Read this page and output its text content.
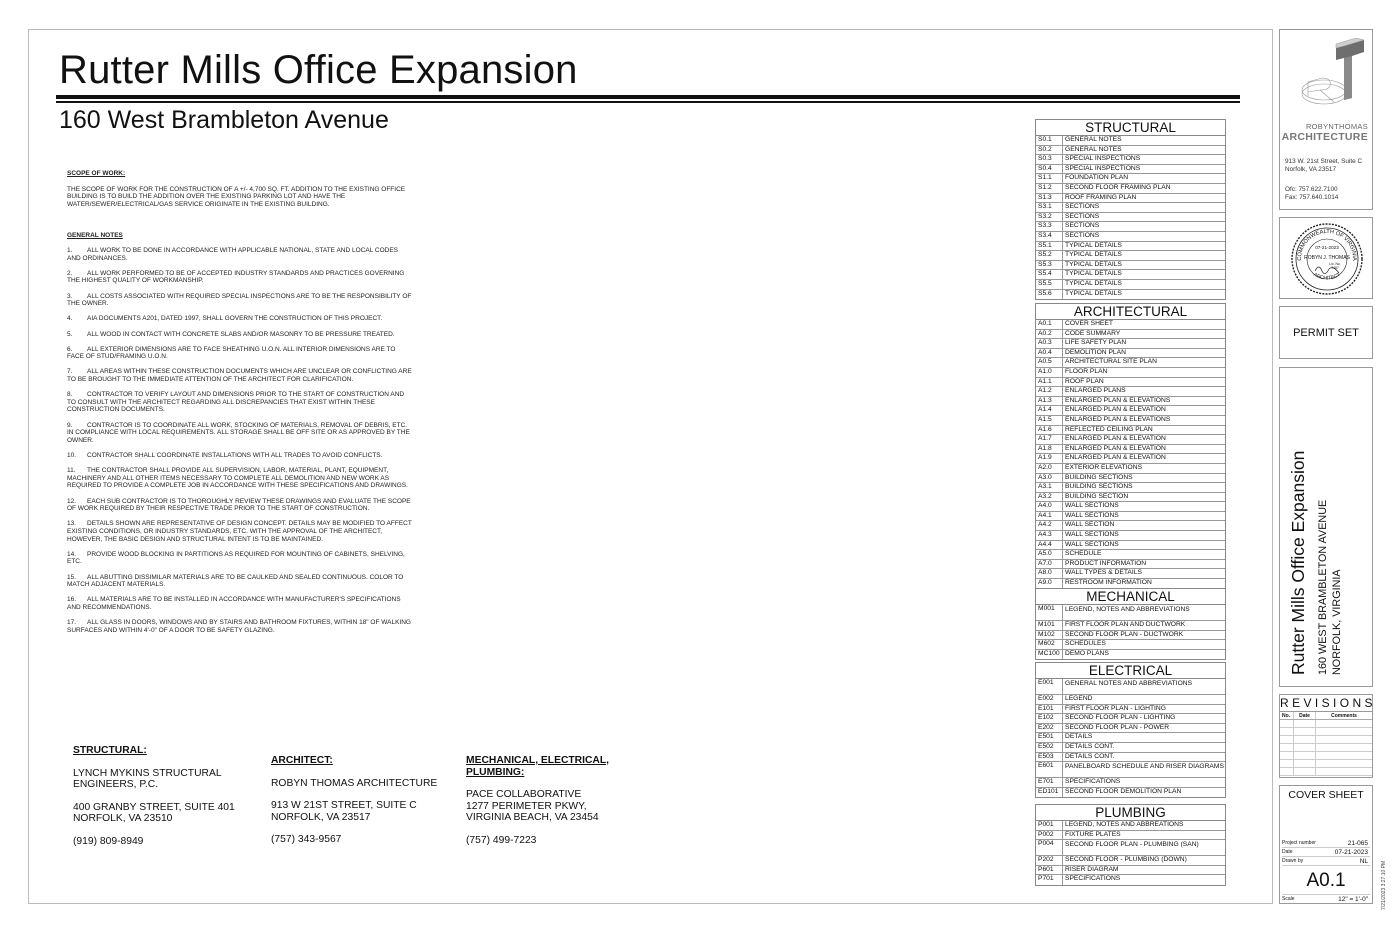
Rutter Mills Office Expansion
160 West Brambleton Avenue
SCOPE OF WORK:
THE SCOPE OF WORK FOR THE CONSTRUCTION OF A +/- 4,700 SQ. FT. ADDITION TO THE EXISTING OFFICE BUILDING IS TO BUILD THE ADDITION OVER THE EXISTING PARKING LOT AND HAVE THE WATER/SEWER/ELECTRICAL/GAS SERVICE ORIGINATE IN THE EXISTING BUILDING.
GENERAL NOTES
1. ALL WORK TO BE DONE IN ACCORDANCE WITH APPLICABLE NATIONAL, STATE AND LOCAL CODES AND ORDINANCES.
2. ALL WORK PERFORMED TO BE OF ACCEPTED INDUSTRY STANDARDS AND PRACTICES GOVERNING THE HIGHEST QUALITY OF WORKMANSHIP.
3. ALL COSTS ASSOCIATED WITH REQUIRED SPECIAL INSPECTIONS ARE TO BE THE RESPONSIBILITY OF THE OWNER.
4. AIA DOCUMENTS A201, DATED 1997, SHALL GOVERN THE CONSTRUCTION OF THIS PROJECT.
5. ALL WOOD IN CONTACT WITH CONCRETE SLABS AND/OR MASONRY TO BE PRESSURE TREATED.
6. ALL EXTERIOR DIMENSIONS ARE TO FACE SHEATHING U.O.N. ALL INTERIOR DIMENSIONS ARE TO FACE OF STUD/FRAMING U.O.N.
7. ALL AREAS WITHIN THESE CONSTRUCTION DOCUMENTS WHICH ARE UNCLEAR OR CONFLICTING ARE TO BE BROUGHT TO THE IMMEDIATE ATTENTION OF THE ARCHITECT FOR CLARIFICATION.
8. CONTRACTOR TO VERIFY LAYOUT AND DIMENSIONS PRIOR TO THE START OF CONSTRUCTION AND TO CONSULT WITH THE ARCHITECT REGARDING ALL DISCREPANCIES THAT EXIST WITHIN THESE CONSTRUCTION DOCUMENTS.
9. CONTRACTOR IS TO COORDINATE ALL WORK, STOCKING OF MATERIALS, REMOVAL OF DEBRIS, ETC. IN COMPLIANCE WITH LOCAL REQUIREMENTS. ALL STORAGE SHALL BE OFF SITE OR AS APPROVED BY THE OWNER.
10. CONTRACTOR SHALL COORDINATE INSTALLATIONS WITH ALL TRADES TO AVOID CONFLICTS.
11. THE CONTRACTOR SHALL PROVIDE ALL SUPERVISION, LABOR, MATERIAL, PLANT, EQUIPMENT, MACHINERY AND ALL OTHER ITEMS NECESSARY TO COMPLETE ALL DEMOLITION AND NEW WORK AS REQUIRED TO PROVIDE A COMPLETE JOB IN ACCORDANCE WITH THESE SPECIFICATIONS AND DRAWINGS.
12. EACH SUB CONTRACTOR IS TO THOROUGHLY REVIEW THESE DRAWINGS AND EVALUATE THE SCOPE OF WORK REQUIRED BY THEIR RESPECTIVE TRADE PRIOR TO THE START OF CONSTRUCTION.
13. DETAILS SHOWN ARE REPRESENTATIVE OF DESIGN CONCEPT. DETAILS MAY BE MODIFIED TO AFFECT EXISTING CONDITIONS, OR INDUSTRY STANDARDS, ETC. WITH THE APPROVAL OF THE ARCHITECT, HOWEVER, THE BASIC DESIGN AND STRUCTURAL INTENT IS TO BE MAINTAINED.
14. PROVIDE WOOD BLOCKING IN PARTITIONS AS REQUIRED FOR MOUNTING OF CABINETS, SHELVING, ETC.
15. ALL ABUTTING DISSIMILAR MATERIALS ARE TO BE CAULKED AND SEALED CONTINUOUS. COLOR TO MATCH ADJACENT MATERIALS.
16. ALL MATERIALS ARE TO BE INSTALLED IN ACCORDANCE WITH MANUFACTURER'S SPECIFICATIONS AND RECOMMENDATIONS.
17. ALL GLASS IN DOORS, WINDOWS AND BY STAIRS AND BATHROOM FIXTURES, WITHIN 18" OF WALKING SURFACES AND WITHIN 4'-0" OF A DOOR TO BE SAFETY GLAZING.
STRUCTURAL:
LYNCH MYKINS STRUCTURAL
ENGINEERS, P.C.
400 GRANBY STREET, SUITE 401
NORFOLK, VA 23510
(919) 809-8949
ARCHITECT:
ROBYN THOMAS ARCHITECTURE
913 W 21ST STREET, SUITE C
NORFOLK, VA 23517
(757) 343-9567
MECHANICAL, ELECTRICAL,
PLUMBING:
PACE COLLABORATIVE
1277 PERIMETER PKWY,
VIRGINIA BEACH, VA 23454
(757) 499-7223
STRUCTURAL
S0.1	GENERAL NOTES
S0.2	GENERAL NOTES
S0.3	SPECIAL INSPECTIONS
S0.4	SPECIAL INSPECTIONS
S1.1	FOUNDATION PLAN
S1.2	SECOND FLOOR FRAMING PLAN
S1.3	ROOF FRAMING PLAN
S3.1	SECTIONS
S3.2	SECTIONS
S3.3	SECTIONS
S3.4	SECTIONS
S5.1	TYPICAL DETAILS
S5.2	TYPICAL DETAILS
S5.3	TYPICAL DETAILS
S5.4	TYPICAL DETAILS
S5.5	TYPICAL DETAILS
S5.6	TYPICAL DETAILS
ARCHITECTURAL
A0.1	COVER SHEET
A0.2	CODE SUMMARY
A0.3	LIFE SAFETY PLAN
A0.4	DEMOLITION PLAN
A0.5	ARCHITECTURAL SITE PLAN
A1.0	FLOOR PLAN
A1.1	ROOF PLAN
A1.2	ENLARGED PLANS
A1.3	ENLARGED PLAN & ELEVATIONS
A1.4	ENLARGED PLAN & ELEVATION
A1.5	ENLARGED PLAN & ELEVATIONS
A1.6	REFLECTED CEILING PLAN
A1.7	ENLARGED PLAN & ELEVATION
A1.8	ENLARGED PLAN & ELEVATION
A1.9	ENLARGED PLAN & ELEVATION
A2.0	EXTERIOR ELEVATIONS
A3.0	BUILDING SECTIONS
A3.1	BUILDING SECTIONS
A3.2	BUILDING SECTION
A4.0	WALL SECTIONS
A4.1	WALL SECTIONS
A4.2	WALL SECTION
A4.3	WALL SECTIONS
A4.4	WALL SECTIONS
A5.0	SCHEDULE
A7.0	PRODUCT INFORMATION
A8.0	WALL TYPES & DETAILS
A9.0	RESTROOM INFORMATION
MECHANICAL
M001	LEGEND, NOTES AND ABBREVIATIONS
M101	FIRST FLOOR PLAN AND DUCTWORK
M102	SECOND FLOOR PLAN - DUCTWORK
M602	SCHEDULES
MC100 DEMO PLANS
ELECTRICAL
E001	GENERAL NOTES AND ABBREVIATIONS
E002	LEGEND
E101	FIRST FLOOR PLAN - LIGHTING
E102	SECOND FLOOR PLAN - LIGHTING
E202	SECOND FLOOR PLAN - POWER
E501	DETAILS
E502	DETAILS CONT.
E503	DETAILS CONT.
E601	PANELBOARD SCHEDULE AND RISER DIAGRAMS
E701	SPECIFICATIONS
ED101 SECOND FLOOR DEMOLITION PLAN
PLUMBING
P001	LEGEND, NOTES AND ABBREATIONS
P002	FIXTURE PLATES
P004	SECOND FLOOR PLAN - PLUMBING (SAN)
P202	SECOND FLOOR - PLUMBING (DOWN)
P601	RISER DIAGRAM
P701	SPECIFICATIONS
ROBYNTHOMAS
ARCHITECTURE
913 W. 21st Street, Suite C
Norfolk, VA 23517
Ofc: 757.622.7100
Fax: 757.640.1014
COMMONWEALTH OF VIRGINIA
ARCHITECT
07-21-2023
ROBYN J. THOMAS
Lic. No.
7487
PERMIT SET
Rutter Mills Office Expansion 160 WEST BRAMBLETON AVENUE NORFOLK, VIRGINIA
REVISIONS
No.	Date	Comments
COVER SHEET
Project number	21-065
Date	07-21-2023
Drawn by	NL
A0.1
Scale	12" = 1'-0"	7/21/2023 3:27:10 PM
